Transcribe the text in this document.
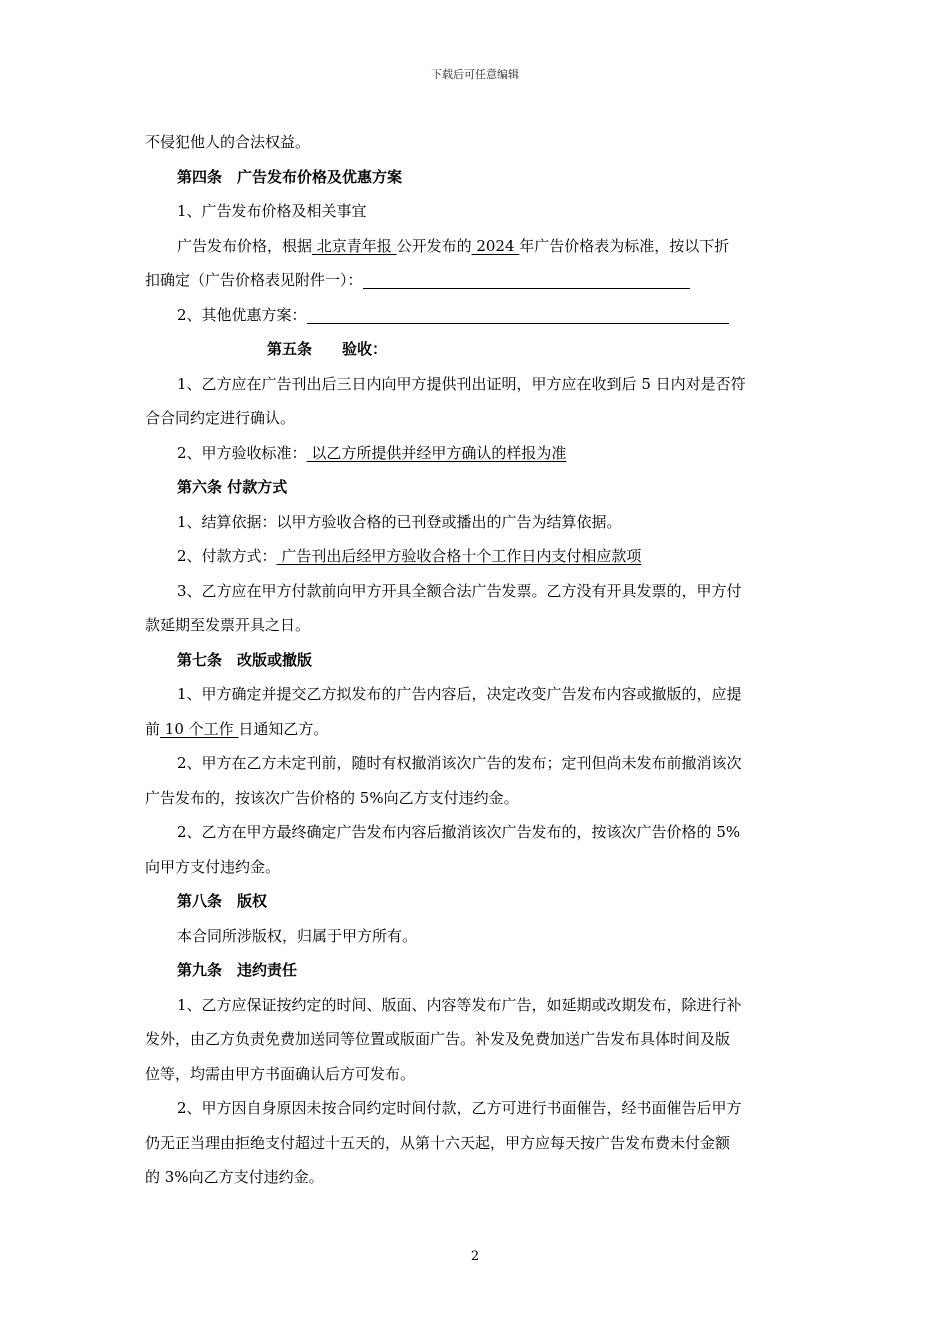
下载后可任意编辑
不侵犯他人的合法权益。
第四条　广告发布价格及优惠方案
1、广告发布价格及相关事宜
广告发布价格，根据 北京青年报 公开发布的 2024 年广告价格表为标准，按以下折
扣确定（广告价格表见附件一）：
2、其他优惠方案：
第五条　　验收：
1、乙方应在广告刊出后三日内向甲方提供刊出证明，甲方应在收到后 5 日内对是否符
合合同约定进行确认。
2、甲方验收标准： 以乙方所提供并经甲方确认的样报为准
第六条 付款方式
1、结算依据：以甲方验收合格的已刊登或播出的广告为结算依据。
2、付款方式： 广告刊出后经甲方验收合格十个工作日内支付相应款项
3、乙方应在甲方付款前向甲方开具全额合法广告发票。乙方没有开具发票的，甲方付
款延期至发票开具之日。
第七条　改版或撤版
1、甲方确定并提交乙方拟发布的广告内容后，决定改变广告发布内容或撤版的，应提
前 10 个工作 日通知乙方。
2、甲方在乙方未定刊前，随时有权撤消该次广告的发布；定刊但尚未发布前撤消该次
广告发布的，按该次广告价格的 5%向乙方支付违约金。
2、乙方在甲方最终确定广告发布内容后撤消该次广告发布的，按该次广告价格的 5%
向甲方支付违约金。
第八条　版权
本合同所涉版权，归属于甲方所有。
第九条　违约责任
1、乙方应保证按约定的时间、版面、内容等发布广告，如延期或改期发布，除进行补
发外，由乙方负责免费加送同等位置或版面广告。补发及免费加送广告发布具体时间及版
位等，均需由甲方书面确认后方可发布。
2、甲方因自身原因未按合同约定时间付款，乙方可进行书面催告，经书面催告后甲方
仍无正当理由拒绝支付超过十五天的，从第十六天起，甲方应每天按广告发布费未付金额
的 3%向乙方支付违约金。
2
